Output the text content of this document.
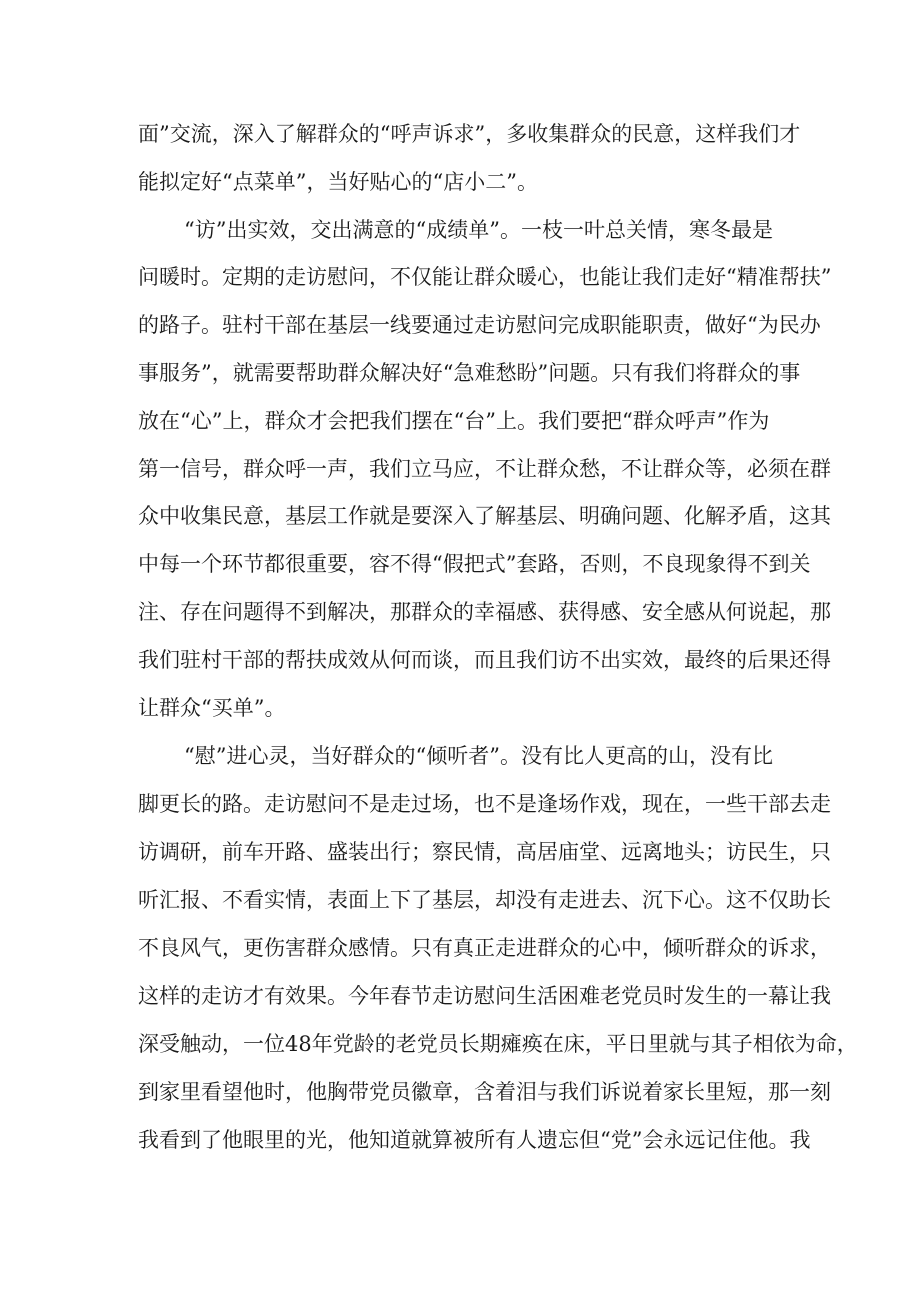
面”交流，深入了解群众的“呼声诉求”，多收集群众的民意，这样我们才
能拟定好“点菜单”，当好贴心的“店小二”。
“访”出实效，交出满意的“成绩单”。一枝一叶总关情，寒冬最是
问暖时。定期的走访慰问，不仅能让群众暖心，也能让我们走好“精准帮扶”
的路子。驻村干部在基层一线要通过走访慰问完成职能职责，做好“为民办
事服务”，就需要帮助群众解决好“急难愁盼”问题。只有我们将群众的事
放在“心”上，群众才会把我们摆在“台”上。我们要把“群众呼声”作为
第一信号，群众呼一声，我们立马应，不让群众愁，不让群众等，必须在群
众中收集民意，基层工作就是要深入了解基层、明确问题、化解矛盾，这其
中每一个环节都很重要，容不得“假把式”套路，否则，不良现象得不到关
注、存在问题得不到解决，那群众的幸福感、获得感、安全感从何说起，那
我们驻村干部的帮扶成效从何而谈，而且我们访不出实效，最终的后果还得
让群众“买单”。
“慰”进心灵，当好群众的“倾听者”。没有比人更高的山，没有比
脚更长的路。走访慰问不是走过场，也不是逢场作戏，现在，一些干部去走
访调研，前车开路、盛装出行；察民情，高居庙堂、远离地头；访民生，只
听汇报、不看实情，表面上下了基层，却没有走进去、沉下心。这不仅助长
不良风气，更伤害群众感情。只有真正走进群众的心中，倾听群众的诉求，
这样的走访才有效果。今年春节走访慰问生活困难老党员时发生的一幕让我
深受触动，一位48年党龄的老党员长期瘫痪在床，平日里就与其子相依为命，
到家里看望他时，他胸带党员徽章，含着泪与我们诉说着家长里短，那一刻
我看到了他眼里的光，他知道就算被所有人遗忘但“党”会永远记住他。我
